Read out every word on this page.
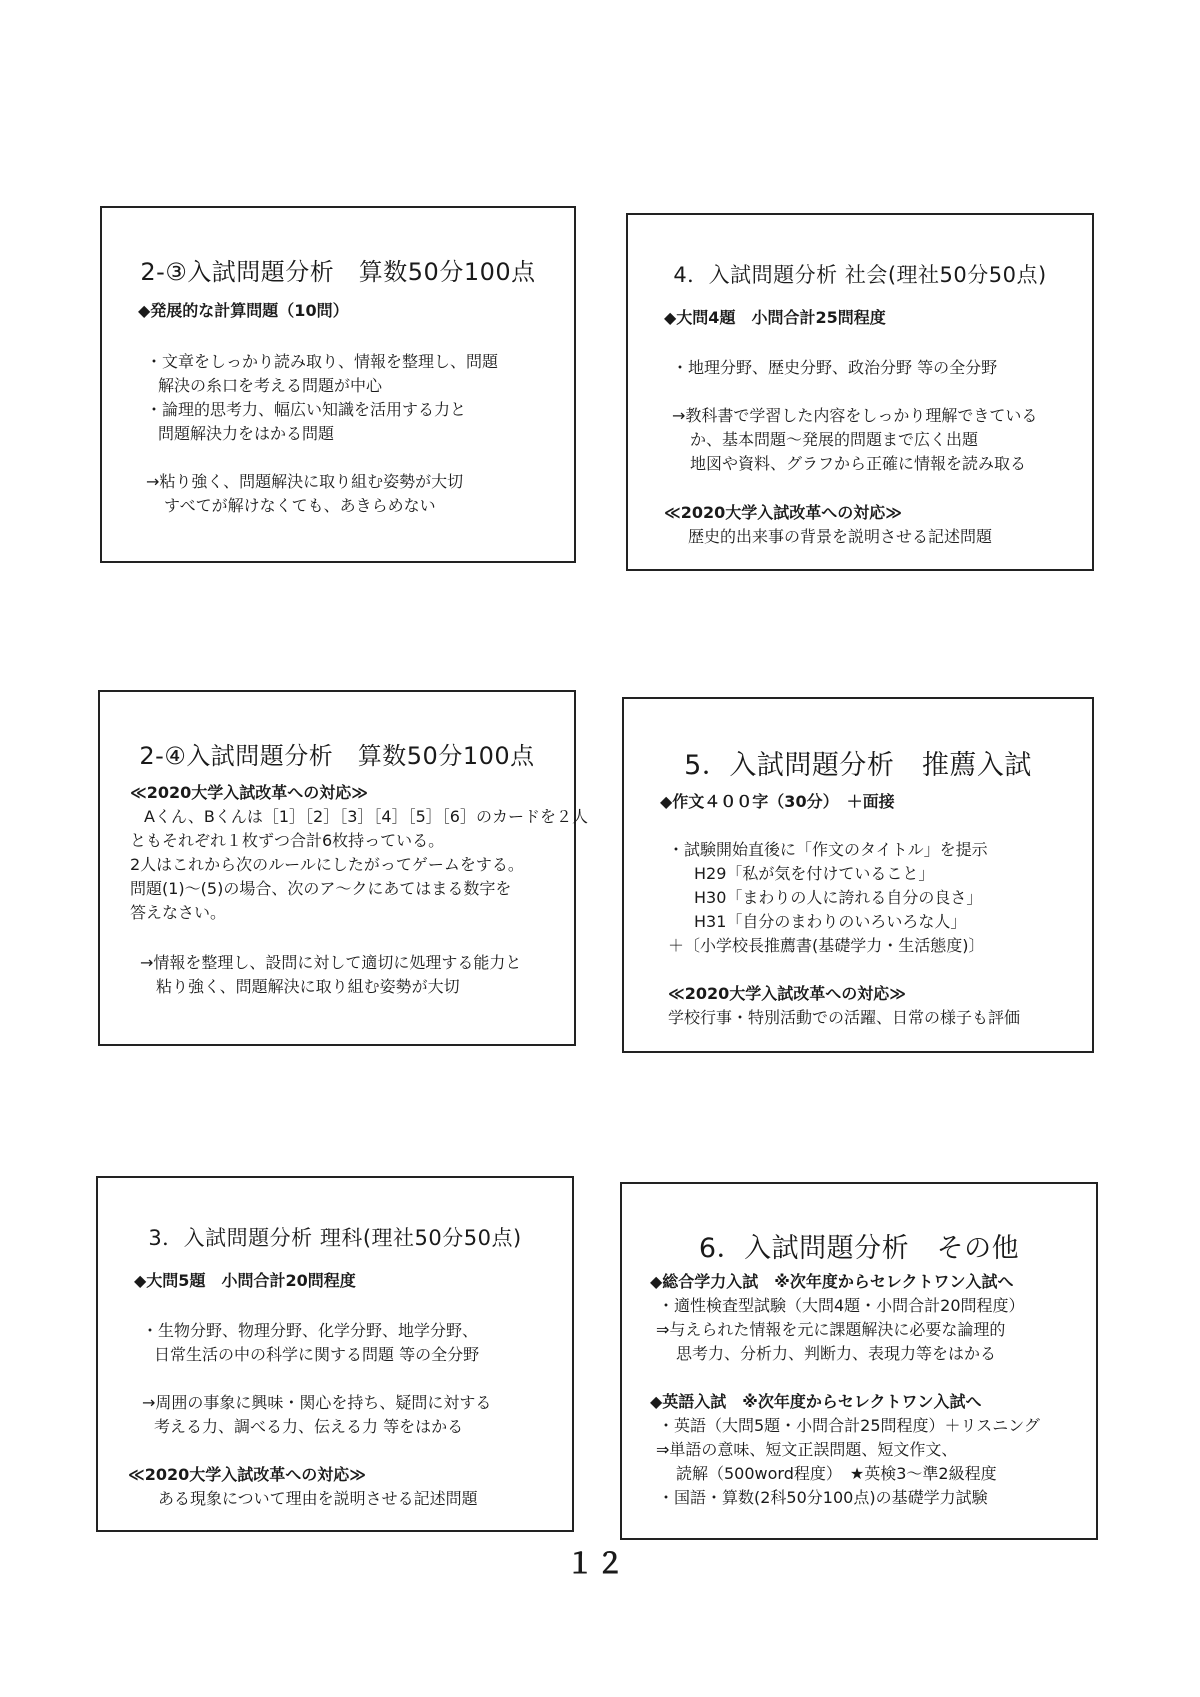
2-③入試問題分析　算数50分100点
◆発展的な計算問題（10問）
・文章をしっかり読み取り、情報を整理し、問題
解決の糸口を考える問題が中心
・論理的思考力、幅広い知識を活用する力と
問題解決力をはかる問題
→粘り強く、問題解決に取り組む姿勢が大切
すべてが解けなくても、あきらめない
4．入試問題分析 社会(理社50分50点)
◆大問4題　小問合計25問程度
・地理分野、歴史分野、政治分野 等の全分野
→教科書で学習した内容をしっかり理解できている
か、基本問題～発展的問題まで広く出題
地図や資料、グラフから正確に情報を読み取る
≪2020大学入試改革への対応≫
歴史的出来事の背景を説明させる記述問題
2-④入試問題分析　算数50分100点
≪2020大学入試改革への対応≫
Aくん、Bくんは［1］［2］［3］［4］［5］［6］のカードを２人
ともそれぞれ１枚ずつ合計6枚持っている。
2人はこれから次のルールにしたがってゲームをする。
問題(1)～(5)の場合、次のア～クにあてはまる数字を
答えなさい。
→情報を整理し、設問に対して適切に処理する能力と
粘り強く、問題解決に取り組む姿勢が大切
5．入試問題分析　推薦入試
◆作文４００字（30分）　＋面接
・試験開始直後に「作文のタイトル」を提示
H29「私が気を付けていること」
H30「まわりの人に誇れる自分の良さ」
H31「自分のまわりのいろいろな人」
＋〔小学校長推薦書(基礎学力・生活態度)〕
≪2020大学入試改革への対応≫
学校行事・特別活動での活躍、日常の様子も評価
3．入試問題分析 理科(理社50分50点)
◆大問5題　小問合計20問程度
・生物分野、物理分野、化学分野、地学分野、
日常生活の中の科学に関する問題 等の全分野
→周囲の事象に興味・関心を持ち、疑問に対する
考える力、調べる力、伝える力 等をはかる
≪2020大学入試改革への対応≫
ある現象について理由を説明させる記述問題
6．入試問題分析　その他
◆総合学力入試　※次年度からセレクトワン入試へ
・適性検査型試験（大問4題・小問合計20問程度）
⇒与えられた情報を元に課題解決に必要な論理的
思考力、分析力、判断力、表現力等をはかる
◆英語入試　※次年度からセレクトワン入試へ
・英語（大問5題・小問合計25問程度）＋リスニング
⇒単語の意味、短文正誤問題、短文作文、
読解（500word程度）　★英検3～準2級程度
・国語・算数(2科50分100点)の基礎学力試験
１２
